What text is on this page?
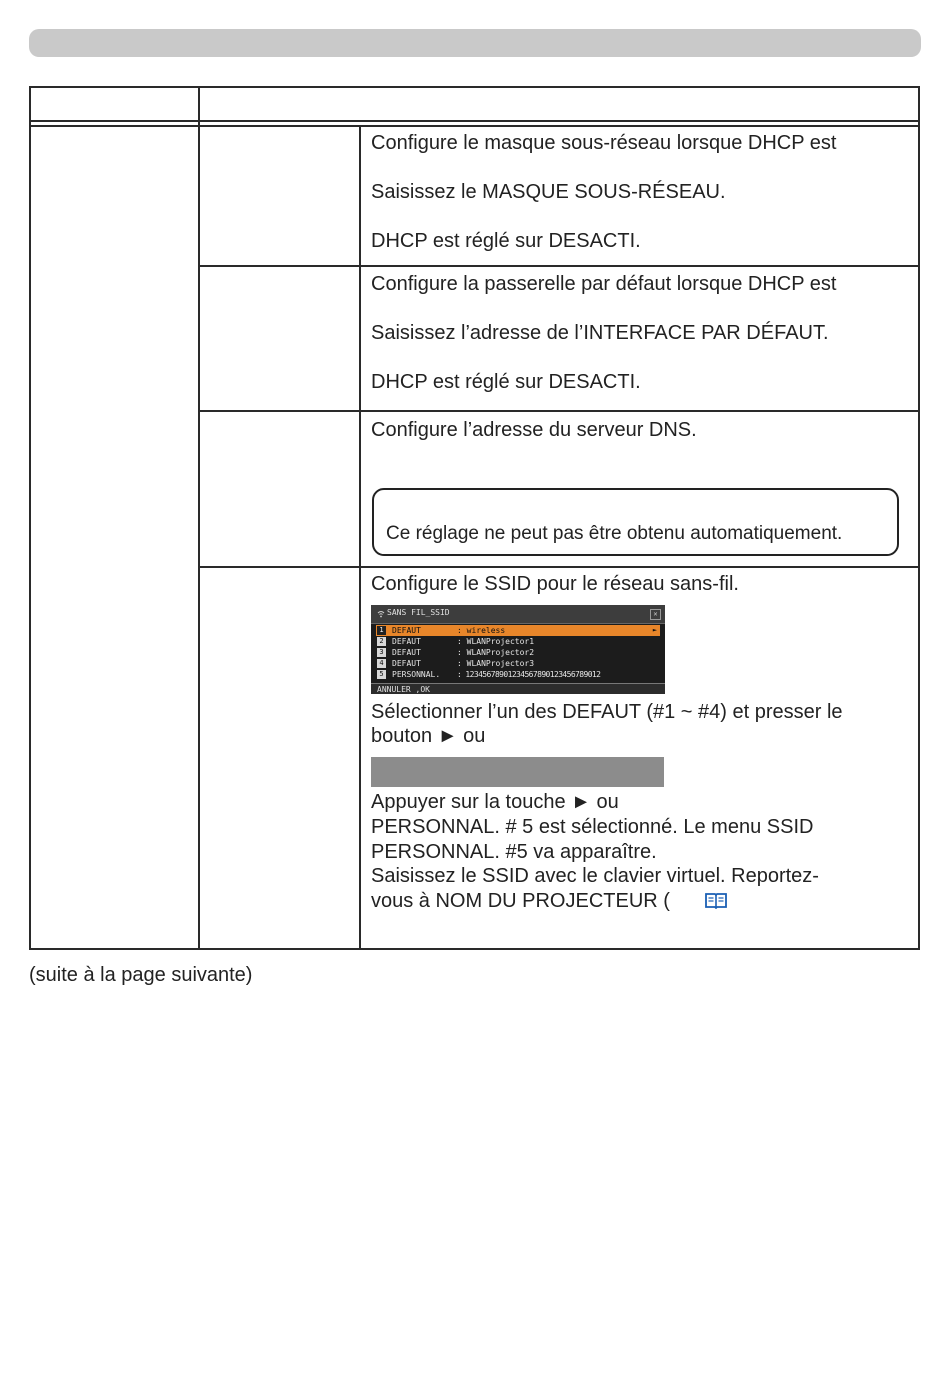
Configure le masque sous-réseau lorsque DHCP est
Saisissez le MASQUE SOUS-RÉSEAU.
DHCP est réglé sur DESACTI.
Configure la passerelle par défaut lorsque DHCP est
Saisissez l’adresse de l’INTERFACE PAR DÉFAUT.
DHCP est réglé sur DESACTI.
Configure l’adresse du serveur DNS.
Ce réglage ne peut pas être obtenu automatiquement.
Configure le SSID pour le réseau sans-fil.
SANS FIL_SSID	✕
1 DEFAUT	: wireless	►
2 DEFAUT	: WLANProjector1
3 DEFAUT	: WLANProjector2
4 DEFAUT	: WLANProjector3
5 PERSONNAL. : 1234567890123456789012345678901​2
ANNULER ,OK
Sélectionner l’un des DEFAUT (#1 ~ #4) et presser le
bouton ► ou
Appuyer sur la touche ► ou
PERSONNAL. # 5 est sélectionné. Le menu SSID
PERSONNAL. #5 va apparaître.
Saisissez le SSID avec le clavier virtuel. Reportez-
vous à NOM DU PROJECTEUR (
(suite à la page suivante)
